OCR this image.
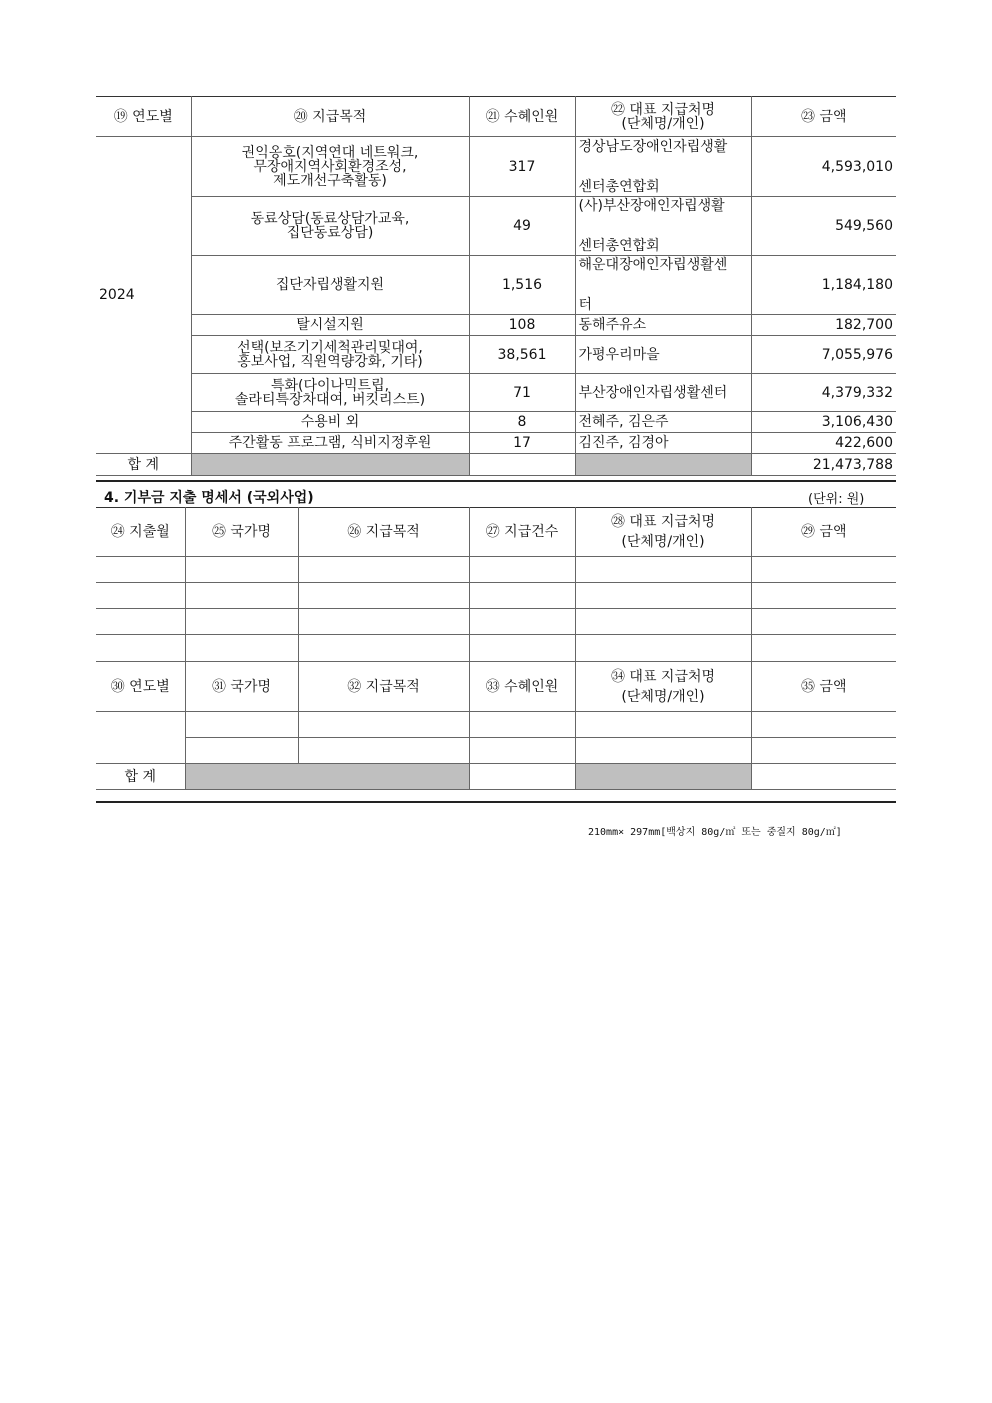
⑲ 연도별	⑳ 지급목적	㉑ 수혜인원	㉒ 대표 지급처명
(단체명/개인)	㉓ 금액
2024	권익옹호(지역연대 네트워크,
무장애지역사회환경조성,
제도개선구축활동)	317	경상남도장애인자립생활
센터총연합회	4,593,010

	동료상담(동료상담가교육,
집단동료상담)	49	(사)부산장애인자립생활
센터총연합회	549,560

	집단자립생활지원	1,516	해운대장애인자립생활센
터	1,184,180
	탈시설지원	108	동해주유소	182,700

	선택(보조기기세척관리및대여,
홍보사업, 직원역량강화, 기타)	38,561	가평우리마을	7,055,976

	특화(다이나믹트립,
솔라티특장차대여, 버킷리스트)	71	부산장애인자립생활센터	4,379,332
	수용비 외	8	전혜주, 김은주	3,106,430
	주간활동 프로그램, 식비지정후원	17	김진주, 김경아	422,600
합 계				21,473,788
4. 기부금 지출 명세서 (국외사업)	(단위: 원)
㉔ 지출월	㉕ 국가명	㉖ 지급목적	㉗ 지급건수	㉘ 대표 지급처명
(단체명/개인)	㉙ 금액

㉚ 연도별	㉛ 국가명	㉜ 지급목적	㉝ 수혜인원	㉞ 대표 지급처명
(단체명/개인)	㉟ 금액

합 계					
210mm× 297mm[백상지 80g/㎡ 또는 중질지 80g/㎡]
